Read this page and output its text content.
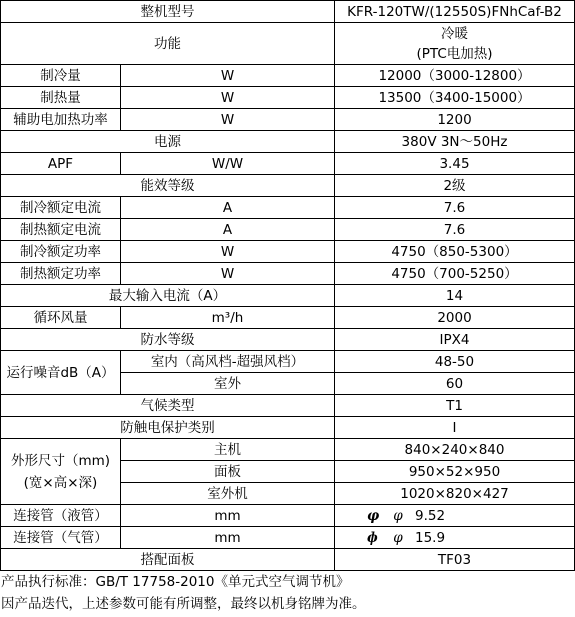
整机型号		KFR-120TW/(12550S)FNhCaf-B2
功能		冷暖
(PTC电加热)

制冷量	W	12000（3000-12800）
制热量	W	13500（3400-15000）
辅助电加热功率	W	1200
电源		380V 3N～50Hz
APF	W/W	3.45
能效等级		2级
制冷额定电流	A	7.6
制热额定电流	A	7.6
制冷额定功率	W	4750（850-5300）
制热额定功率	W	4750（700-5250）
最大输入电流（A）		14
循环风量	m³/h	2000
防水等级		IPX4
运行噪音dB（A）	室内（高风档-超强风档）	48-50
	室外	60
气候类型		T1
防触电保护类别		I

外形尺寸（mm)
(宽×高×深)	主机	840×240×840
	面板	950×52×950
	室外机	1020×820×427
连接管（液管）	mm	φ φ 9.52

连接管（气管）	mm	ɸ φ 15.9

搭配面板		TF03
产品执行标准：GB/T 17758-2010《单元式空气调节机》
因产品迭代，上述参数可能有所调整，最终以机身铭牌为准。
